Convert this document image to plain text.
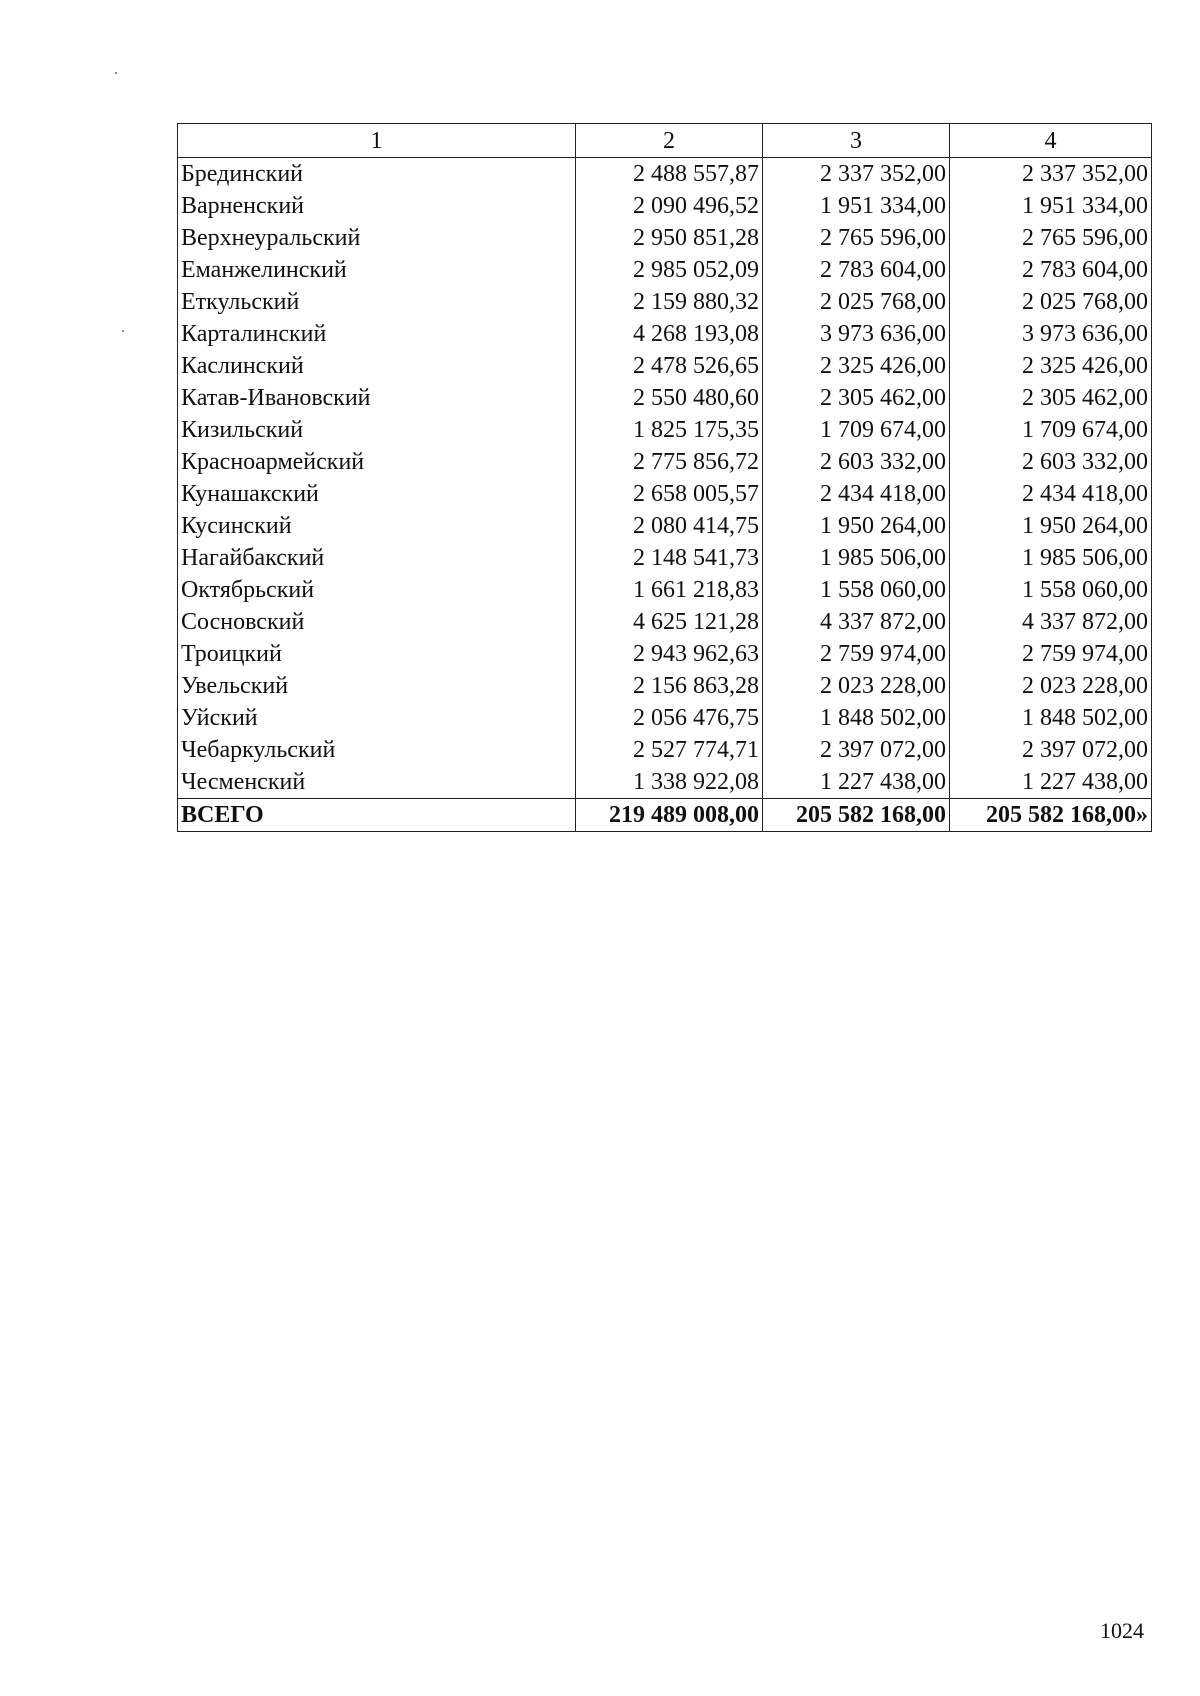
1	2	3	4
Брединский	2 488 557,87	2 337 352,00	2 337 352,00
Варненский	2 090 496,52	1 951 334,00	1 951 334,00
Верхнеуральский	2 950 851,28	2 765 596,00	2 765 596,00
Еманжелинский	2 985 052,09	2 783 604,00	2 783 604,00
Еткульский	2 159 880,32	2 025 768,00	2 025 768,00
Карталинский	4 268 193,08	3 973 636,00	3 973 636,00
Каслинский	2 478 526,65	2 325 426,00	2 325 426,00
Катав-Ивановский	2 550 480,60	2 305 462,00	2 305 462,00
Кизильский	1 825 175,35	1 709 674,00	1 709 674,00
Красноармейский	2 775 856,72	2 603 332,00	2 603 332,00
Кунашакский	2 658 005,57	2 434 418,00	2 434 418,00
Кусинский	2 080 414,75	1 950 264,00	1 950 264,00
Нагайбакский	2 148 541,73	1 985 506,00	1 985 506,00
Октябрьский	1 661 218,83	1 558 060,00	1 558 060,00
Сосновский	4 625 121,28	4 337 872,00	4 337 872,00
Троицкий	2 943 962,63	2 759 974,00	2 759 974,00
Увельский	2 156 863,28	2 023 228,00	2 023 228,00
Уйский	2 056 476,75	1 848 502,00	1 848 502,00
Чебаркульский	2 527 774,71	2 397 072,00	2 397 072,00
Чесменский	1 338 922,08	1 227 438,00	1 227 438,00
ВСЕГО	219 489 008,00	205 582 168,00	205 582 168,00»
1024
